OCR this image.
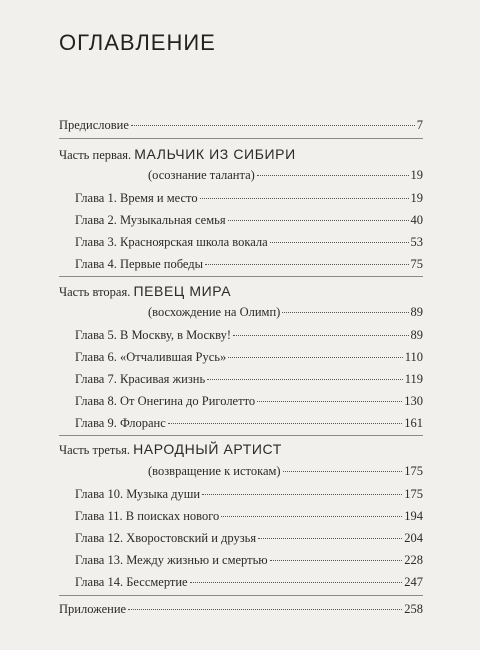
ОГЛАВЛЕНИЕ
Предисловие	7
Часть первая. МАЛЬЧИК ИЗ СИБИРИ
(осознание таланта)	19
Глава 1. Время и место	19
Глава 2. Музыкальная семья	40
Глава 3. Красноярская школа вокала	53
Глава 4. Первые победы	75
Часть вторая. ПЕВЕЦ МИРА
(восхождение на Олимп)	89
Глава 5. В Москву, в Москву!	89
Глава 6. «Отчалившая Русь»	110
Глава 7. Красивая жизнь	119
Глава 8. От Онегина до Риголетто	130
Глава 9. Флоранс	161
Часть третья. НАРОДНЫЙ АРТИСТ
(возвращение к истокам)	175
Глава 10. Музыка души	175
Глава 11. В поисках нового	194
Глава 12. Хворостовский и друзья	204
Глава 13. Между жизнью и смертью	228
Глава 14. Бессмертие	247
Приложение	258
